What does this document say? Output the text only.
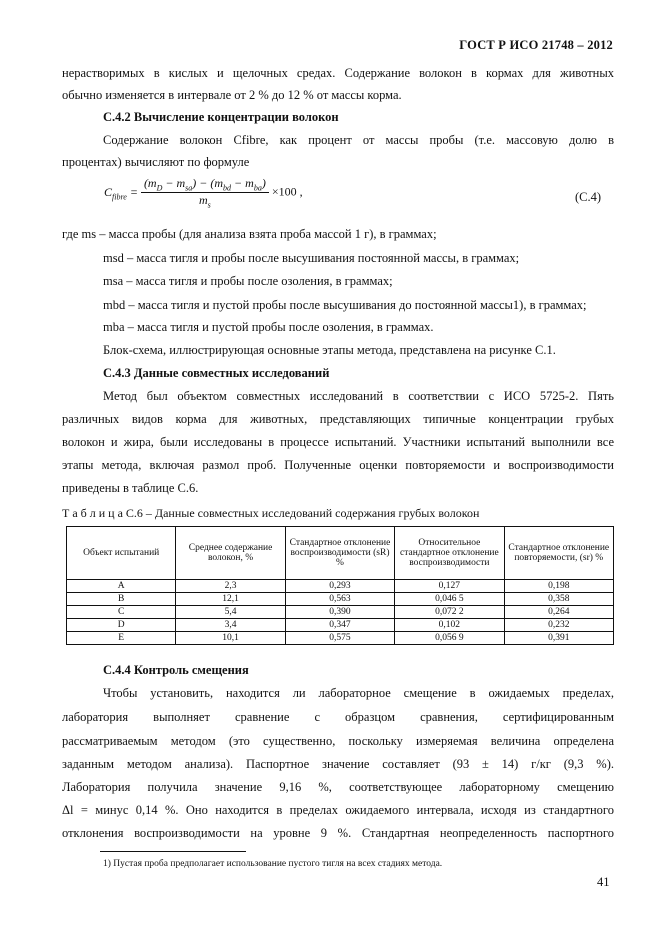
ГОСТ Р ИСО 21748 – 2012
нерастворимых в кислых и щелочных средах. Содержание волокон в кормах для животных
обычно изменяется в интервале от 2 % до 12 % от массы корма.
С.4.2 Вычисление концентрации волокон
Содержание волокон Cfibre, как процент от массы пробы (т.е. массовую долю в
процентах) вычисляют по формуле
$C_{fibre} = \frac{(m_D - m_{sa}) - (m_{bd} - m_{ba})}{m_s} \times 100$ ,	(C.4)
где ms – масса пробы (для анализа взята проба массой 1 г), в граммах;
msd – масса тигля и пробы после высушивания постоянной массы, в граммах;
msa – масса тигля и пробы после озоления, в граммах;
mbd – масса тигля и пустой пробы после высушивания до постоянной массы1), в граммах;
mba – масса тигля и пустой пробы после озоления, в граммах.
Блок-схема, иллюстрирующая основные этапы метода, представлена на рисунке С.1.
С.4.3 Данные совместных исследований
Метод был объектом совместных исследований в соответствии с ИСО 5725-2. Пять
различных видов корма для животных, представляющих типичные концентрации грубых
волокон и жира, были исследованы в процессе испытаний. Участники испытаний выполнили все
этапы метода, включая размол проб. Полученные оценки повторяемости и воспроизводимости
приведены в таблице С.6.
Т а б л и ц а С.6 – Данные совместных исследований содержания грубых волокон
Объект испытаний	Среднее содержание волокон, %	Стандартное отклонение воспроизводимости (sR) %	Относительное стандартное отклонение воспроизводимости	Стандартное отклонение повторяемости, (sr) %
A	2,3	0,293	0,127	0,198
B	12,1	0,563	0,046 5	0,358
C	5,4	0,390	0,072 2	0,264
D	3,4	0,347	0,102	0,232
E	10,1	0,575	0,056 9	0,391
С.4.4 Контроль смещения
Чтобы установить, находится ли лабораторное смещение в ожидаемых пределах,
лаборатория выполняет сравнение с образцом сравнения, сертифицированным
рассматриваемым методом (это существенно, поскольку измеряемая величина определена
заданным методом анализа). Паспортное значение составляет (93 ± 14) г/кг (9,3 %).
Лаборатория получила значение 9,16 %, соответствующее лабораторному смещению
Δl = минус 0,14 %. Оно находится в пределах ожидаемого интервала, исходя из стандартного
отклонения воспроизводимости на уровне 9 %. Стандартная неопределенность паспортного
1) Пустая проба предполагает использование пустого тигля на всех стадиях метода.
41
